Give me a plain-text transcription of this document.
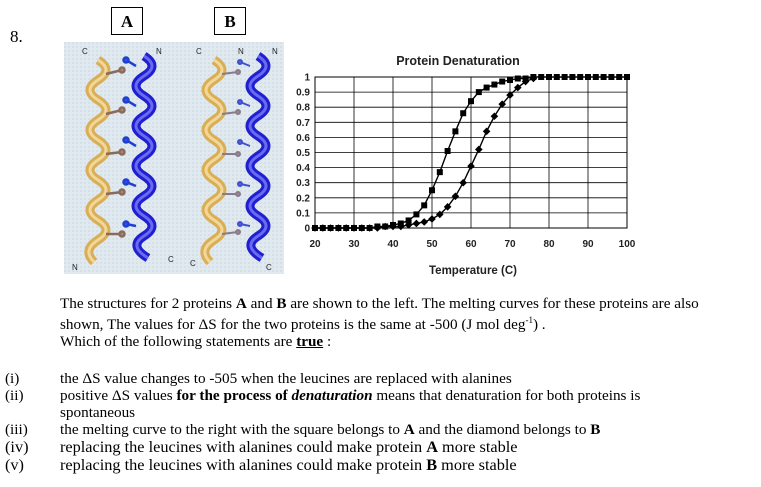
8.
A	B
C	N
N
C
C	N	N
C	C
Protein Denaturation
0
0.1
0.2
0.3
0.4
0.5
0.6
0.7
0.8
0.9
1
20	30	40	50	60	70	80	90	100
Temperature (C)
The structures for 2 proteins A and B are shown to the left. The melting curves for these proteins are also
shown, The values for ΔS for the two proteins is the same at -500 (J mol deg$^{-1}$) .
Which of the following statements are true :
(i)	the ΔS value changes to -505 when the leucines are replaced with alanines
(ii)	positive ΔS values for the process of denaturation means that denaturation for both proteins is
spontaneous
(iii)	the melting curve to the right with the square belongs to A and the diamond belongs to B
(iv)	replacing the leucines with alanines could make protein A more stable
(v)	replacing the leucines with alanines could make protein B more stable
